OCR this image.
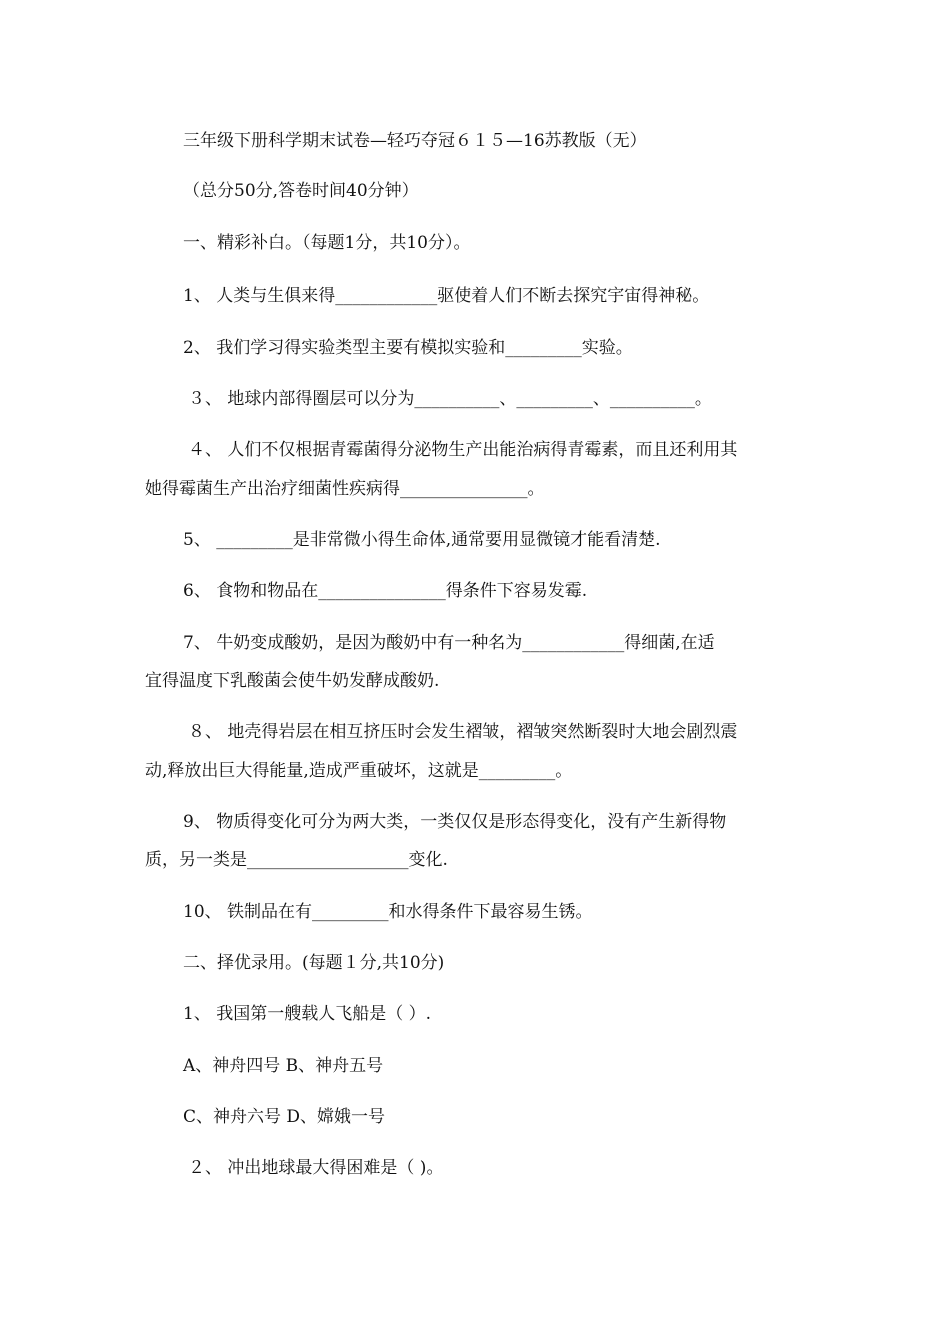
三年级下册科学期末试卷—轻巧夺冠６１５—16苏教版（无）
（总分50分,答卷时间40分钟）
一、精彩补白。（每题1分，共10分）。
1、 人类与生俱来得____________驱使着人们不断去探究宇宙得神秘。
2、 我们学习得实验类型主要有模拟实验和_________实验。
３、 地球内部得圈层可以分为__________、_________、__________。
４、 人们不仅根据青霉菌得分泌物生产出能治病得青霉素，而且还利用其
她得霉菌生产出治疗细菌性疾病得_______________。
5、 _________是非常微小得生命体,通常要用显微镜才能看清楚.
6、 食物和物品在_______________得条件下容易发霉.
7、 牛奶变成酸奶，是因为酸奶中有一种名为____________得细菌,在适
宜得温度下乳酸菌会使牛奶发酵成酸奶.
８、 地壳得岩层在相互挤压时会发生褶皱，褶皱突然断裂时大地会剧烈震
动,释放出巨大得能量,造成严重破坏，这就是_________。
9、 物质得变化可分为两大类，一类仅仅是形态得变化，没有产生新得物
质，另一类是___________________变化.
10、 铁制品在有_________和水得条件下最容易生锈。
二、择优录用。(每题１分,共10分)
1、 我国第一艘载人飞船是（ ）.
A、神舟四号 B、神舟五号
C、神舟六号 D、嫦娥一号
２、 冲出地球最大得困难是（ )。
